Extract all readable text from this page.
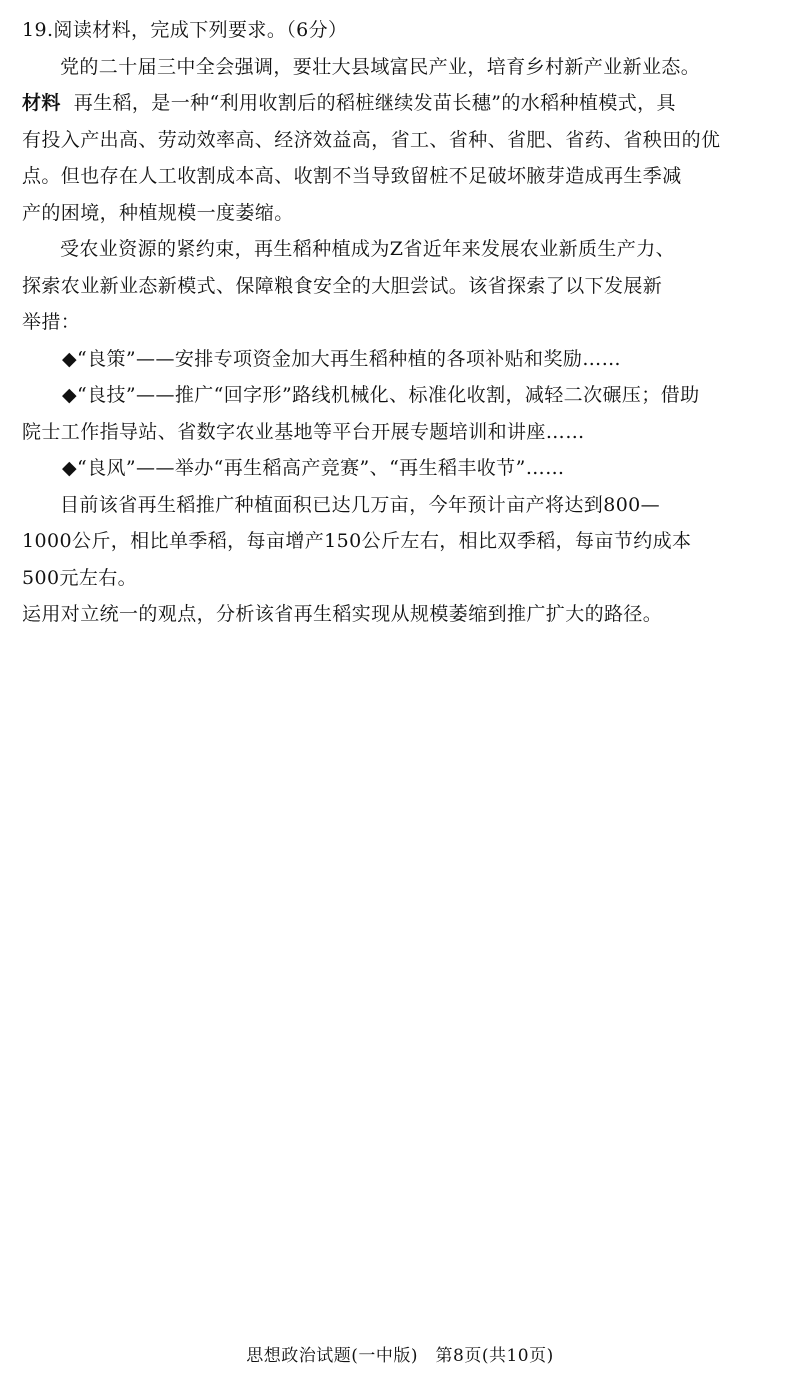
19.阅读材料，完成下列要求。（6分）
党的二十届三中全会强调，要壮大县域富民产业，培育乡村新产业新业态。
材料 再生稻，是一种“利用收割后的稻桩继续发苗长穗”的水稻种植模式，具
有投入产出高、劳动效率高、经济效益高，省工、省种、省肥、省药、省秧田的优
点。但也存在人工收割成本高、收割不当导致留桩不足破坏腋芽造成再生季减
产的困境，种植规模一度萎缩。
受农业资源的紧约束，再生稻种植成为Z省近年来发展农业新质生产力、
探索农业新业态新模式、保障粮食安全的大胆尝试。该省探索了以下发展新
举措：
◆“良策”——安排专项资金加大再生稻种植的各项补贴和奖励……
◆“良技”——推广“回字形”路线机械化、标准化收割，减轻二次碾压；借助
院士工作指导站、省数字农业基地等平台开展专题培训和讲座……
◆“良风”——举办“再生稻高产竞赛”、“再生稻丰收节”……
目前该省再生稻推广种植面积已达几万亩，今年预计亩产将达到800—
1000公斤，相比单季稻，每亩增产150公斤左右，相比双季稻，每亩节约成本
500元左右。
运用对立统一的观点，分析该省再生稻实现从规模萎缩到推广扩大的路径。
思想政治试题(一中版)　第8页(共10页)
